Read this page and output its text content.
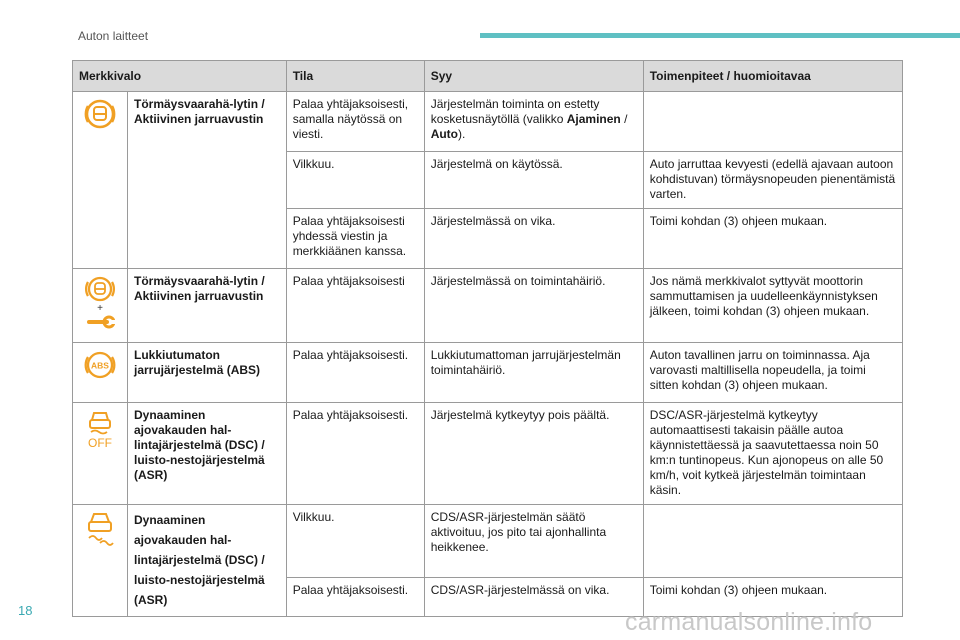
Auton laitteet
Merkkivalo		Tila	Syy	Toimenpiteet / huomioitavaa

	Törmäysvaarahä-lytin / Aktiivinen jarruavustin	Palaa yhtäjaksoisesti, samalla näytössä on viesti.	Järjestelmän toiminta on estetty kosketusnäytöllä (valikko Ajaminen / Auto).	
		Vilkkuu.	Järjestelmä on käytössä.	Auto jarruttaa kevyesti (edellä ajavaan autoon kohdistuvan) törmäysnopeuden pienentämistä varten.
		Palaa yhtäjaksoisesti yhdessä viestin ja merkkiäänen kanssa.	Järjestelmässä on vika.	Toimi kohdan (3) ohjeen mukaan.

+	Törmäysvaarahä-lytin / Aktiivinen jarruavustin	Palaa yhtäjaksoisesti	Järjestelmässä on toimintahäiriö.	Jos nämä merkkivalot syttyvät moottorin sammuttamisen ja uudelleenkäynnistyksen jälkeen, toimi kohdan (3) ohjeen mukaan.

ABS	Lukkiutumaton jarrujärjestelmä (ABS)	Palaa yhtäjaksoisesti.	Lukkiutumattoman jarrujärjestelmän toimintahäiriö.	Auton tavallinen jarru on toiminnassa. Aja varovasti maltillisella nopeudella, ja toimi sitten kohdan (3) ohjeen mukaan.

OFF	Dynaaminen ajovakauden hal-lintajärjestelmä (DSC) / luisto-nestojärjestelmä (ASR)	Palaa yhtäjaksoisesti.	Järjestelmä kytkeytyy pois päältä.	DSC/ASR-järjestelmä kytkeytyy automaattisesti takaisin päälle autoa käynnistettäessä ja saavutettaessa noin 50 km:n tuntinopeus. Kun ajonopeus on alle 50 km/h, voit kytkeä järjestelmän toimintaan käsin.

	Dynaaminen ajovakauden hal-lintajärjestelmä (DSC) / luisto-nestojärjestelmä (ASR)	Vilkkuu.	CDS/ASR-järjestelmän säätö aktivoituu, jos pito tai ajonhallinta heikkenee.	
		Palaa yhtäjaksoisesti.	CDS/ASR-järjestelmässä on vika.	Toimi kohdan (3) ohjeen mukaan.
18	carmanualsonline.info
